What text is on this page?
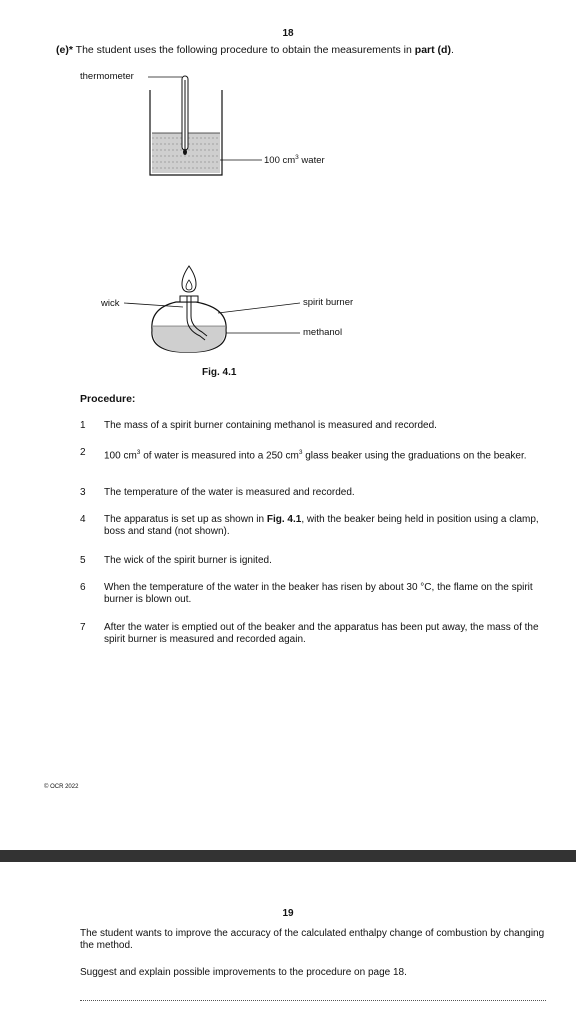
18
(e)* The student uses the following procedure to obtain the measurements in part (d).
thermometer
100 $cm^3$ water
wick	spirit burner
methanol
Fig. 4.1
Procedure:
1	The mass of a spirit burner containing methanol is measured and recorded.
2	100 $cm^3$ of water is measured into a 250 $cm^3$ glass beaker using the graduations on the beaker.
3	The temperature of the water is measured and recorded.
4	The apparatus is set up as shown in Fig. 4.1, with the beaker being held in position using a clamp, boss and stand (not shown).
5	The wick of the spirit burner is ignited.
6	When the temperature of the water in the beaker has risen by about 30 °C, the flame on the spirit burner is blown out.
7	After the water is emptied out of the beaker and the apparatus has been put away, the mass of the spirit burner is measured and recorded again.
© OCR 2022
19
The student wants to improve the accuracy of the calculated enthalpy change of combustion by changing the method.
Suggest and explain possible improvements to the procedure on page 18.
